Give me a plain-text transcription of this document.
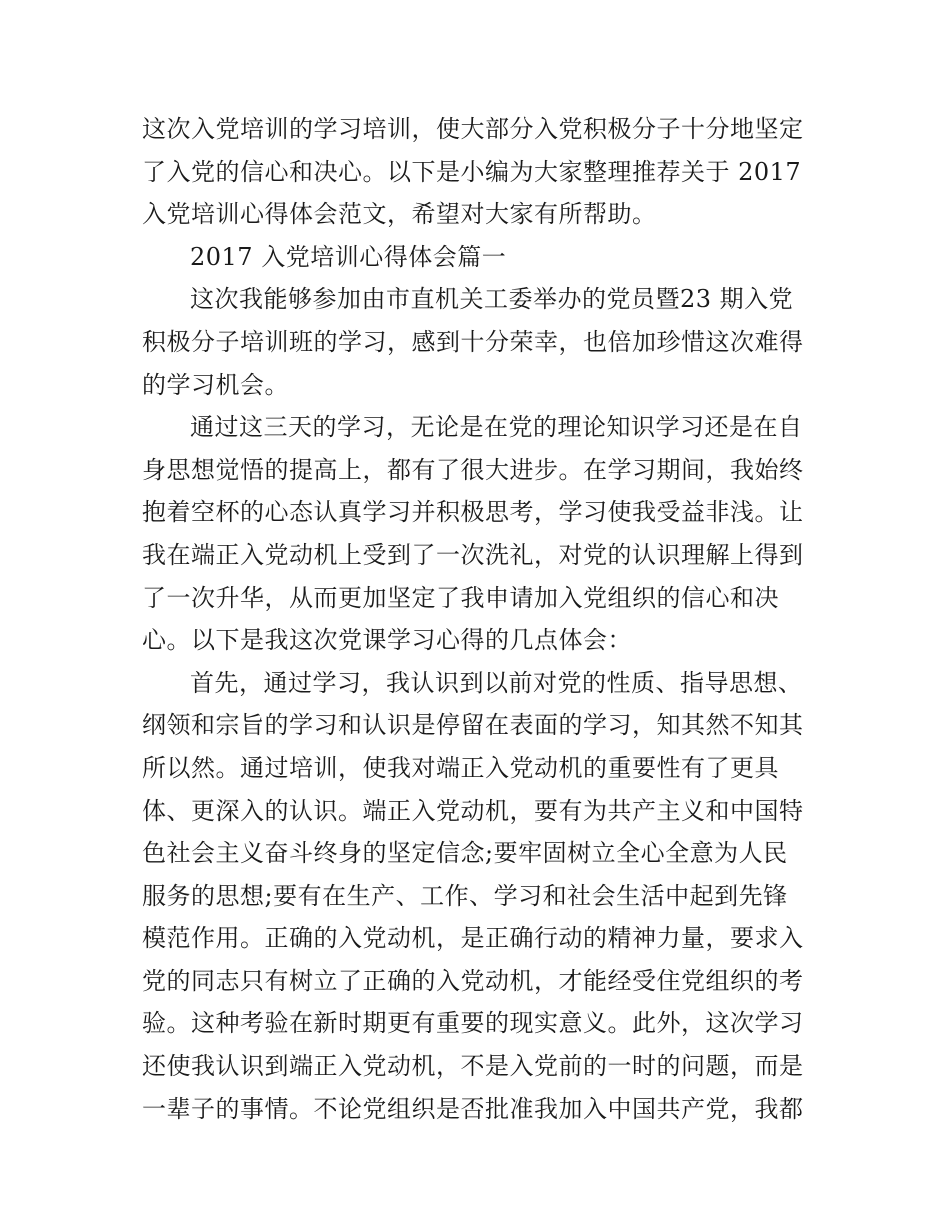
这次入党培训的学习培训，使大部分入党积极分子十分地坚定
了入党的信心和决心。以下是小编为大家整理推荐关于 2017
入党培训心得体会范文，希望对大家有所帮助。
2017 入党培训心得体会篇一
这次我能够参加由市直机关工委举办的党员暨23 期入党
积极分子培训班的学习，感到十分荣幸，也倍加珍惜这次难得
的学习机会。
通过这三天的学习，无论是在党的理论知识学习还是在自
身思想觉悟的提高上，都有了很大进步。在学习期间，我始终
抱着空杯的心态认真学习并积极思考，学习使我受益非浅。让
我在端正入党动机上受到了一次洗礼，对党的认识理解上得到
了一次升华，从而更加坚定了我申请加入党组织的信心和决
心。以下是我这次党课学习心得的几点体会：
首先，通过学习，我认识到以前对党的性质、指导思想、
纲领和宗旨的学习和认识是停留在表面的学习，知其然不知其
所以然。通过培训，使我对端正入党动机的重要性有了更具
体、更深入的认识。端正入党动机，要有为共产主义和中国特
色社会主义奋斗终身的坚定信念;要牢固树立全心全意为人民
服务的思想;要有在生产、工作、学习和社会生活中起到先锋
模范作用。正确的入党动机，是正确行动的精神力量，要求入
党的同志只有树立了正确的入党动机，才能经受住党组织的考
验。这种考验在新时期更有重要的现实意义。此外，这次学习
还使我认识到端正入党动机，不是入党前的一时的问题，而是
一辈子的事情。不论党组织是否批准我加入中国共产党，我都
